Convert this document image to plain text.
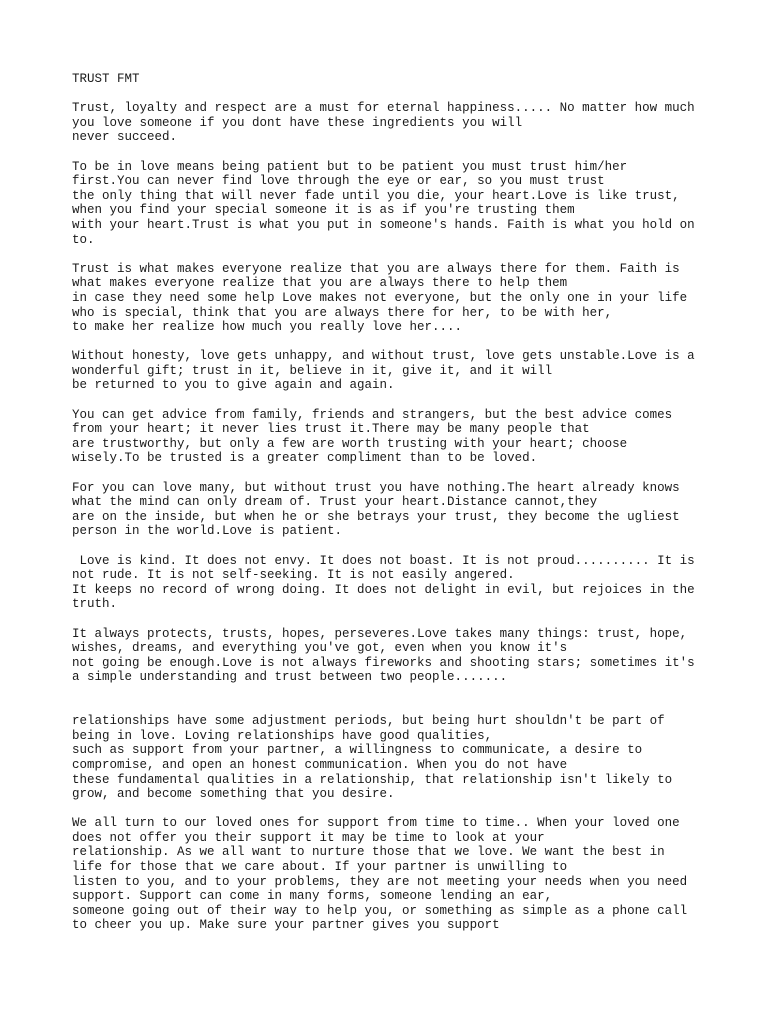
TRUST FMT
Trust, loyalty and respect are a must for eternal happiness..... No matter how much
you love someone if you dont have these ingredients you will
never succeed.
To be in love means being patient but to be patient you must trust him/her
first.You can never find love through the eye or ear, so you must trust
the only thing that will never fade until you die, your heart.Love is like trust,
when you find your special someone it is as if you're trusting them
with your heart.Trust is what you put in someone's hands. Faith is what you hold on
to.
Trust is what makes everyone realize that you are always there for them. Faith is
what makes everyone realize that you are always there to help them
in case they need some help Love makes not everyone, but the only one in your life
who is special, think that you are always there for her, to be with her,
to make her realize how much you really love her....
Without honesty, love gets unhappy, and without trust, love gets unstable.Love is a
wonderful gift; trust in it, believe in it, give it, and it will
be returned to you to give again and again.
You can get advice from family, friends and strangers, but the best advice comes
from your heart; it never lies trust it.There may be many people that
are trustworthy, but only a few are worth trusting with your heart; choose
wisely.To be trusted is a greater compliment than to be loved.
For you can love many, but without trust you have nothing.The heart already knows
what the mind can only dream of. Trust your heart.Distance cannot,they
are on the inside, but when he or she betrays your trust, they become the ugliest
person in the world.Love is patient.
Love is kind. It does not envy. It does not boast. It is not proud.......... It is
not rude. It is not self-seeking. It is not easily angered.
It keeps no record of wrong doing. It does not delight in evil, but rejoices in the
truth.
It always protects, trusts, hopes, perseveres.Love takes many things: trust, hope,
wishes, dreams, and everything you've got, even when you know it's
not going be enough.Love is not always fireworks and shooting stars; sometimes it's
a simple understanding and trust between two people.......
relationships have some adjustment periods, but being hurt shouldn't be part of
being in love. Loving relationships have good qualities,
such as support from your partner, a willingness to communicate, a desire to
compromise, and open an honest communication. When you do not have
these fundamental qualities in a relationship, that relationship isn't likely to
grow, and become something that you desire.
We all turn to our loved ones for support from time to time.. When your loved one
does not offer you their support it may be time to look at your
relationship. As we all want to nurture those that we love. We want the best in
life for those that we care about. If your partner is unwilling to
listen to you, and to your problems, they are not meeting your needs when you need
support. Support can come in many forms, someone lending an ear,
someone going out of their way to help you, or something as simple as a phone call
to cheer you up. Make sure your partner gives you support
